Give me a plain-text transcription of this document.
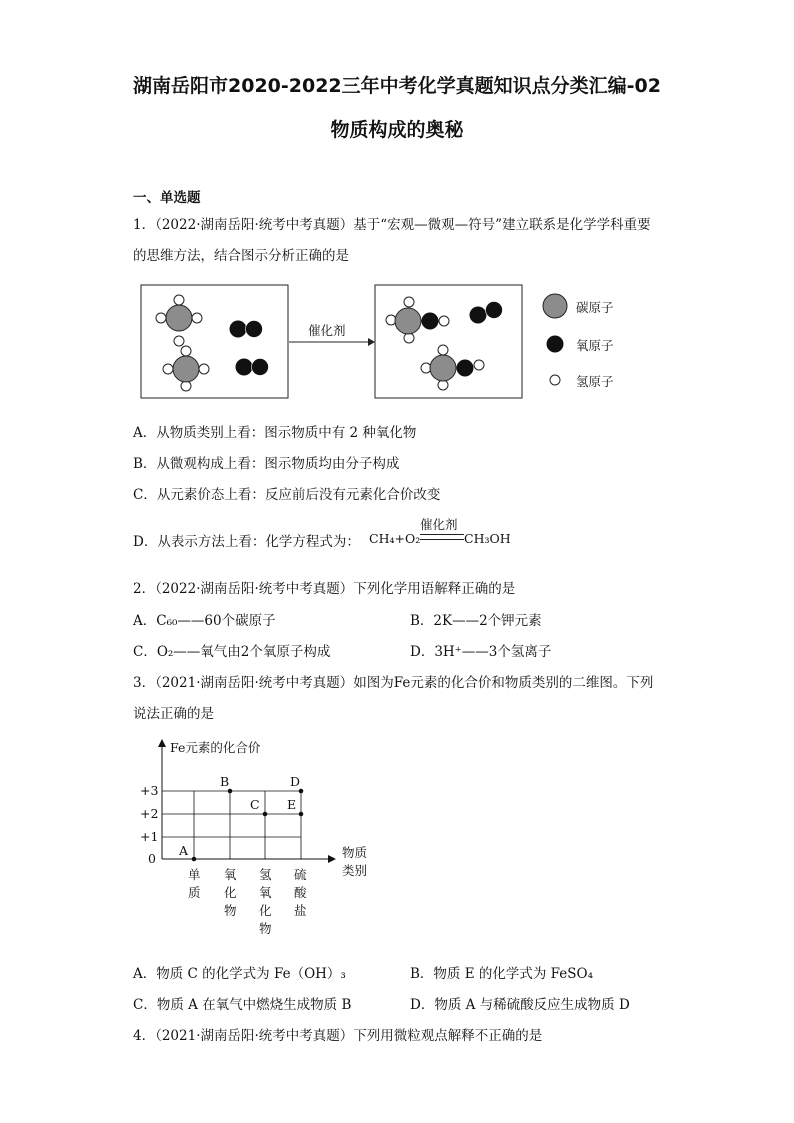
湖南岳阳市2020-2022三年中考化学真题知识点分类汇编-02
物质构成的奥秘
一、单选题
1．（2022·湖南岳阳·统考中考真题）基于“宏观—微观—符号”建立联系是化学学科重要
的思维方法，结合图示分析正确的是
催化剂
碳原子
氧原子
氢原子
A．从物质类别上看：图示物质中有 2 种氧化物
B．从微观构成上看：图示物质均由分子构成
C．从元素价态上看：反应前后没有元素化合价改变
D．从表示方法上看：化学方程式为： CH₄+O₂
催化剂
CH₃OH
2．（2022·湖南岳阳·统考中考真题）下列化学用语解释正确的是
A．C₆₀——60个碳原子	B．2K——2个钾元素
C．O₂——氧气由2个氧原子构成	D．3H⁺——3个氢离子
3．（2021·湖南岳阳·统考中考真题）如图为Fe元素的化合价和物质类别的二维图。下列
说法正确的是
Fe元素的化合价
+3
+2
+1
0
A
B
C
D
E
物质
类别
单
质
氧
化
物
氢
氧
化
物
硫
酸
盐
A．物质 C 的化学式为 Fe（OH）₃	B．物质 E 的化学式为 FeSO₄
C．物质 A 在氧气中燃烧生成物质 B	D．物质 A 与稀硫酸反应生成物质 D
4．（2021·湖南岳阳·统考中考真题）下列用微粒观点解释不正确的是
